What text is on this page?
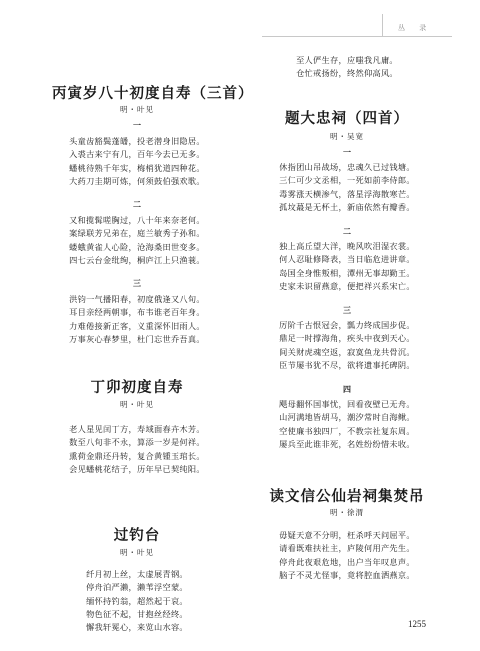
丛 录
丙寅岁八十初度自寿（三首）
明・叶见
一
头童齿豁鬓蓬皤，投老潜身旧隐居。
入裘古来宁有几，百年今去已无多。
蟠桃待熟千年实，梅梢犹道四种花。
大药刀圭期可炼，何须鼓伯强欢歌。
二
又和揽髯嗟胸过，八十年来奈老何。
案绿联芳兄弟在，庭兰敏秀子孙和。
蝼蛾黄雀人心险，沧海桑田世变多。
四七云台金纰绚，桐庐江上只渔蓑。
三
洪钧一气播阳春，初度俄逢又八旬。
耳目亲经两朝事，布韦谁老百年身。
力难倦接新正客，义重深怀旧雨人。
万事灰心春梦里，杜门忘世乔吾真。
丁卯初度自寿
明・叶见
老人星见闰丁方，寿域面春卉木芳。
数至八旬非不永，算添一岁是何祥。
熏荷金鼎还丹转，复合黄锺玉琯长。
会见蟠桃花结子，历年早已契纯阳。
过钓台
明・叶见
纤月初上丝，太虚展青钢。
停舟泊严濑，濑苇浮空蒙。
缅怀持钓翁，超然起于哀。
物色征不起，甘抱丝经终。
懈我轩冕心，来览山水容。
至人俨生存，应嗤我凡庸。
仓忙戒扬纷，终然仰高风。
题大忠祠（四首）
明・吴宽
一
休指团山吊战场，忠魂久已过钱塘。
三仁可少文丞相，一死如前李侍郎。
毒雾涨天横渗气，落星浮海散寒芒。
孤坟蕞是无杯土，新庙依然有瓣香。
二
独上高丘望大洋，晚风吹泪湿衣裳。
何人忍耻修降表，当日临危进讲章。
岛国全身惟叛相，潭州无事却勤王。
史家未识留燕意，便把祥兴系宋亡。
三
厉阶千古恨冠会，瓢力终成国步促。
鼎足一时撑海角，疾头中夜到天心。
间关财虎魂空返，寂寞鱼龙共骨沉。
臣节屡书犹不尽，欲将遗事托碑阴。
四
飓母翻怀国事忧，回看夜壁已无舟。
山河满地皆胡马，潮汐常时自海鳅。
空使廉书独四厂，不教宗社复东周。
屡兵至此谁非死，名姓纷纷惜未收。
读文信公仙岩祠集焚吊
明・徐渭
毋疑天意不分明，枉杀呼天问屈平。
请看既难扶社主，庐陵何用产先生。
停舟此夜艰危地，出户当年叹息声。
脑子不灵尤怪事，竟将腔血洒燕京。
1255
